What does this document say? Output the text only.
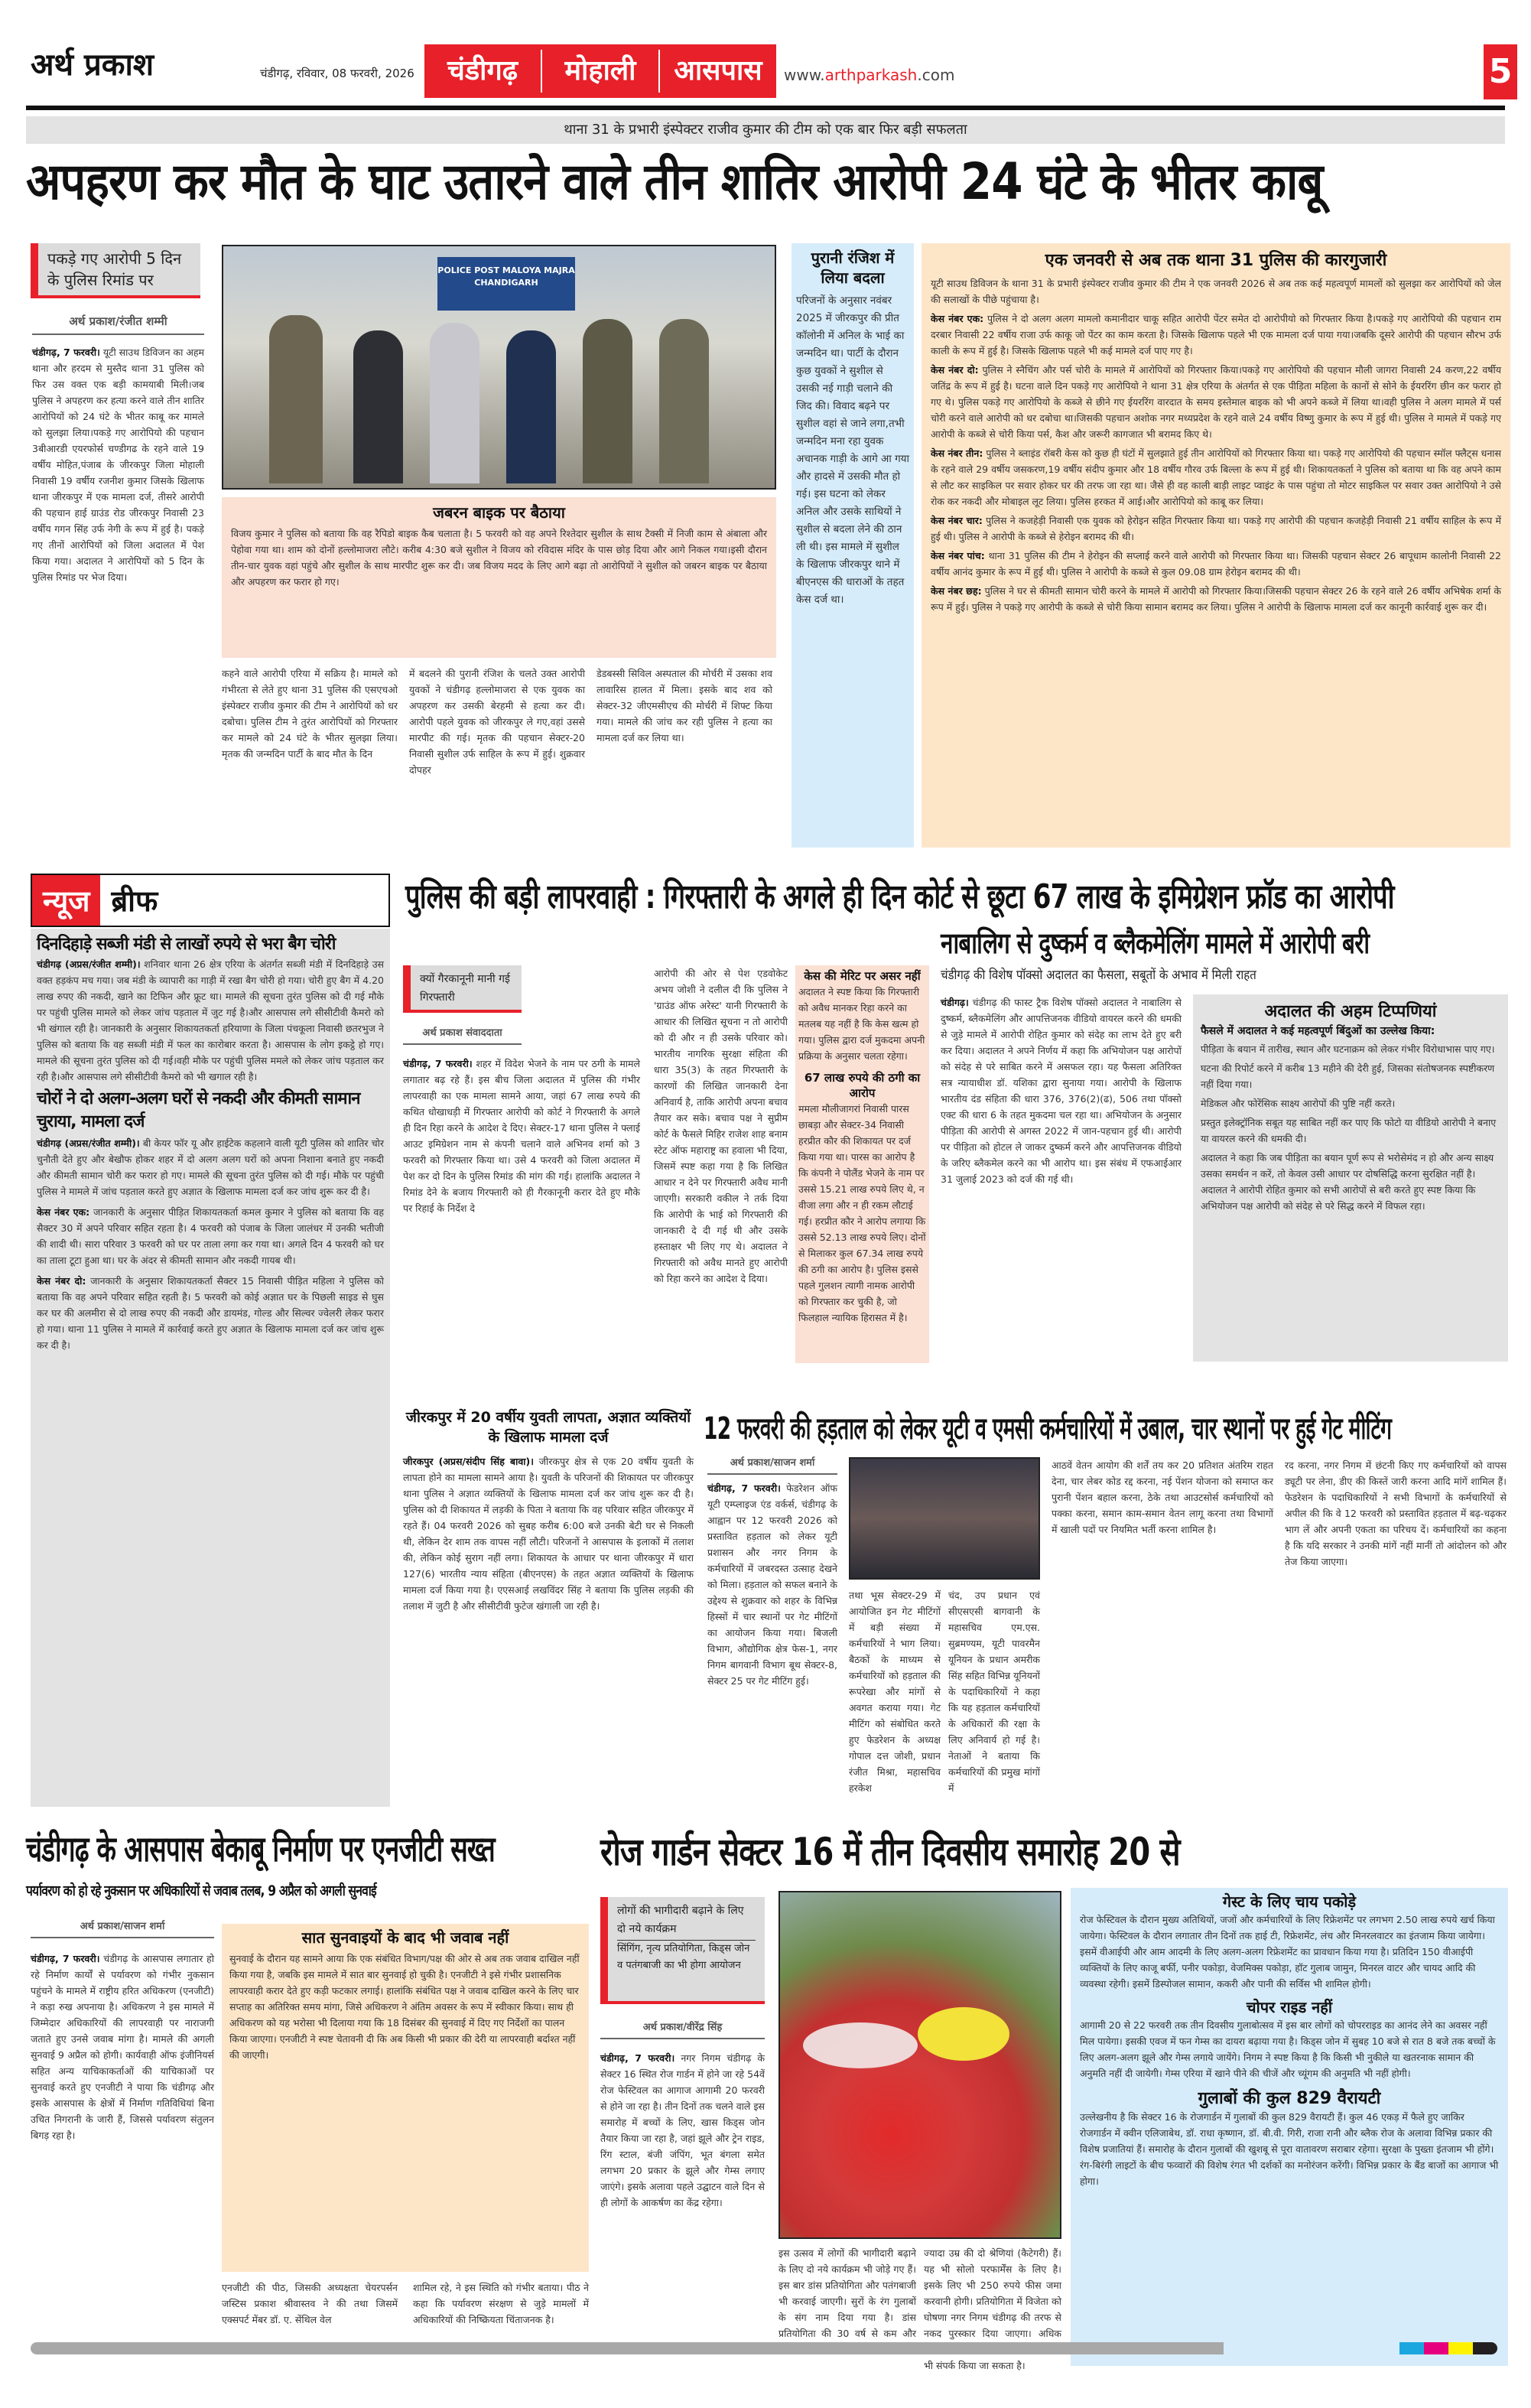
अर्थ प्रकाश	चंडीगढ़, रविवार, 08 फरवरी, 2026	चंडीगढ़	मोहाली	आसपास	www.arthparkash.com	5
थाना 31 के प्रभारी इंस्पेक्टर राजीव कुमार की टीम को एक बार फिर बड़ी सफलता
अपहरण कर मौत के घाट उतारने वाले तीन शातिर आरोपी 24 घंटे के भीतर काबू
पकड़े गए आरोपी 5 दिन के पुलिस रिमांड पर
अर्थ प्रकाश/रंजीत शम्मी
चंडीगढ़, 7 फरवरी। यूटी साउथ डिविजन का अहम थाना और हरदम से मुस्तैद थाना 31 पुलिस को फिर उस वक्त एक बड़ी कामयाबी मिली।जब पुलिस ने अपहरण कर हत्या करने वाले तीन शातिर आरोपियों को 24 घंटे के भीतर काबू कर मामले को सुलझा लिया।पकड़े गए आरोपियो की पहचान 3बीआरडी एयरफोर्स चण्डीगढ के रहने वाले 19 वर्षीय मोहित,पंजाब के जीरकपुर जिला मोहाली निवासी 19 वर्षीय रजनीश कुमार जिसके खिलाफ थाना जीरकपुर में एक मामला दर्ज, तीसरे आरोपी की पहचान हाई ग्राउंड रोड जीरकपुर निवासी 23 वर्षीय गगन सिंह उर्फ नेगी के रूप में हुई है। पकड़े गए तीनों आरोपियों को जिला अदालत में पेश किया गया। अदालत ने आरोपियों को 5 दिन के पुलिस रिमांड पर भेज दिया।
POLICE POST MALOYA MAJRA CHANDIGARH
जबरन बाइक पर बैठाया
विजय कुमार ने पुलिस को बताया कि वह रैपिडो बाइक कैब चलाता है। 5 फरवरी को वह अपने रिश्तेदार सुशील के साथ टैक्सी में निजी काम से अंबाला और पेहोवा गया था। शाम को दोनों हल्लोमाजरा लौटे। करीब 4:30 बजे सुशील ने विजय को रविदास मंदिर के पास छोड़ दिया और आगे निकल गया।इसी दौरान तीन-चार युवक वहां पहुंचे और सुशील के साथ मारपीट शुरू कर दी। जब विजय मदद के लिए आगे बढ़ा तो आरोपियों ने सुशील को जबरन बाइक पर बैठाया और अपहरण कर फरार हो गए।
कहने वाले आरोपी एरिया में सक्रिय है। मामले को गंभीरता से लेते हुए थाना 31 पुलिस की एसएचओ इंस्पेक्टर राजीव कुमार की टीम ने आरोपियों को धर दबोचा। पुलिस टीम ने तुरंत आरोपियों को गिरफ्तार कर मामले को 24 घंटे के भीतर सुलझा लिया। मृतक की जन्मदिन पार्टी के बाद मौत के दिन
में बदलने की पुरानी रंजिश के चलते उक्त आरोपी युवकों ने चंडीगढ़ हल्लोमाजरा से एक युवक का अपहरण कर उसकी बेरहमी से हत्या कर दी। आरोपी पहले युवक को जीरकपुर ले गए,वहां उससे मारपीट की गई। मृतक की पहचान सेक्टर-20 निवासी सुशील उर्फ साहिल के रूप में हुई। शुक्रवार दोपहर
डेडबस्सी सिविल अस्पताल की मोर्चरी में उसका शव लावारिस हालत में मिला। इसके बाद शव को सेक्टर-32 जीएमसीएच की मोर्चरी में शिफ्ट किया गया। मामले की जांच कर रही पुलिस ने हत्या का मामला दर्ज कर लिया था।
पुरानी रंजिश में लिया बदला
परिजनों के अनुसार नवंबर 2025 में जीरकपुर की प्रीत कॉलोनी में अनिल के भाई का जन्मदिन था। पार्टी के दौरान कुछ युवकों ने सुशील से उसकी नई गाड़ी चलाने की जिद की। विवाद बढ़ने पर सुशील वहां से जाने लगा,तभी जन्मदिन मना रहा युवक अचानक गाड़ी के आगे आ गया और हादसे में उसकी मौत हो गई। इस घटना को लेकर अनिल और उसके साथियों ने सुशील से बदला लेने की ठान ली थी। इस मामले में सुशील के खिलाफ जीरकपुर थाने में बीएनएस की धाराओं के तहत केस दर्ज था।
एक जनवरी से अब तक थाना 31 पुलिस की कारगुजारी
यूटी साउथ डिविजन के थाना 31 के प्रभारी इंस्पेक्टर राजीव कुमार की टीम ने एक जनवरी 2026 से अब तक कई महत्वपूर्ण मामलों को सुलझा कर आरोपियों को जेल की सलाखों के पीछे पहुंचाया है।
केस नंबर एक: पुलिस ने दो अलग अलग मामलो कमानीदार चाकू सहित आरोपी पेंटर समेत दो आरोपीयो को गिरफ्तार किया है।पकड़े गए आरोपियो की पहचान राम दरबार निवासी 22 वर्षीय राजा उर्फ काकू जो पेंटर का काम करता है। जिसके खिलाफ पहले भी एक मामला दर्ज पाया गया।जबकि दूसरे आरोपी की पहचान सौरभ उर्फ काली के रूप में हुई है। जिसके खिलाफ पहले भी कई मामले दर्ज पाए गए है।
केस नंबर दो: पुलिस ने स्नैचिंग और पर्स चोरी के मामले में आरोपियों को गिरफ्तार किया।पकड़े गए आरोपियो की पहचान मौली जागरा निवासी 24 करण,22 वर्षीय जतिंद्र के रूप में हुई है। घटना वाले दिन पकड़े गए आरोपियो ने थाना 31 क्षेत्र एरिया के अंतर्गत से एक पीड़िता महिला के कानों से सोने के ईयररिंग छीन कर फरार हो गए थे। पुलिस पकड़े गए आरोपियो के कब्जे से छीने गए ईयररिंग वारदात के समय इस्तेमाल बाइक को भी अपने कब्जे में लिया था।वही पुलिस ने अलग मामले में पर्स चोरी करने वाले आरोपी को धर दबोचा था।जिसकी पहचान अशोक नगर मध्यप्रदेश के रहने वाले 24 वर्षीय विष्णु कुमार के रूप में हुई थी। पुलिस ने मामले में पकड़े गए आरोपी के कब्जे से चोरी किया पर्स, कैश और जरूरी कागजात भी बरामद किए थे।
केस नंबर तीन: पुलिस ने ब्लाइंड रॉबरी केस को कुछ ही घंटों में सुलझाते हुई तीन आरोपियों को गिरफ्तार किया था। पकड़े गए आरोपियो की पहचान स्मॉल फ्लैट्स धनास के रहने वाले 29 वर्षीय जसकरण,19 वर्षीय संदीप कुमार और 18 वर्षीय गौरव उर्फ बिल्ला के रूप में हुई थी। शिकायतकर्ता ने पुलिस को बताया था कि वह अपने काम से लौट कर साइकिल पर सवार होकर घर की तरफ जा रहा था। जैसे ही वह काली बाड़ी लाइट प्वाइंट के पास पहुंचा तो मोटर साइकिल पर सवार उक्त आरोपियो ने उसे रोक कर नकदी और मोबाइल लूट लिया। पुलिस हरकत में आई।और आरोपियो को काबू कर लिया।
केस नंबर चार: पुलिस ने कजहेड़ी निवासी एक युवक को हेरोइन सहित गिरफ्तार किया था। पकड़े गए आरोपी की पहचान कजहेड़ी निवासी 21 वर्षीय साहिल के रूप में हुई थी। पुलिस ने आरोपी के कब्जे से हेरोइन बरामद की थी।
केस नंबर पांच: थाना 31 पुलिस की टीम ने हेरोइन की सप्लाई करने वाले आरोपी को गिरफ्तार किया था। जिसकी पहचान सेक्टर 26 बापूधाम कालोनी निवासी 22 वर्षीय आनंद कुमार के रूप में हुई थी। पुलिस ने आरोपी के कब्जे से कुल 09.08 ग्राम हेरोइन बरामद की थी।
केस नंबर छह: पुलिस ने घर से कीमती सामान चोरी करने के मामले में आरोपी को गिरफ्तार किया।जिसकी पहचान सेक्टर 26 के रहने वाले 26 वर्षीय अभिषेक शर्मा के रूप में हुई। पुलिस ने पकड़े गए आरोपी के कब्जे से चोरी किया सामान बरामद कर लिया। पुलिस ने आरोपी के खिलाफ मामला दर्ज कर कानूनी कार्रवाई शुरू कर दी।
न्यूज ब्रीफ
दिनदिहाड़े सब्जी मंडी से लाखों रुपये से भरा बैग चोरी
चंडीगढ़ (अप्रस/रंजीत शम्मी)। शनिवार थाना 26 क्षेत्र एरिया के अंतर्गत सब्जी मंडी में दिनदिहाड़े उस वक्त हड़कंप मच गया। जब मंडी के व्यापारी का गाड़ी में रखा बैग चोरी हो गया। चोरी हुए बैग में 4.20 लाख रुपए की नकदी, खाने का टिफिन और फ्रूट था। मामले की सूचना तुरंत पुलिस को दी गई मौके पर पहुंची पुलिस मामले को लेकर जांच पड़ताल में जुट गई है।और आसपास लगे सीसीटीवी कैमरो को भी खंगाल रही है। जानकारी के अनुसार शिकायतकर्ता हरियाणा के जिला पंचकूला निवासी छतरभुज ने पुलिस को बताया कि वह सब्जी मंडी में फल का कारोबार करता है। आसपास के लोग इकट्ठे हो गए। मामले की सूचना तुरंत पुलिस को दी गई।वही मौके पर पहुंची पुलिस ममले को लेकर जांच पड़ताल कर रही है।और आसपास लगे सीसीटीवी कैमरो को भी खगाल रही है।
चोरों ने दो अलग-अलग घरों से नकदी और कीमती सामान चुराया, मामला दर्ज
चंडीगढ़ (अप्रस/रंजीत शम्मी)। बी केयर फॉर यू और हाईटेक कहलाने वाली यूटी पुलिस को शातिर चोर चुनौती देते हुए और बेखौफ होकर शहर में दो अलग अलग घरों को अपना निशाना बनाते हुए नकदी और कीमती सामान चोरी कर फरार हो गए। मामले की सूचना तुरंत पुलिस को दी गई। मौके पर पहुंची पुलिस ने मामले में जांच पड़ताल करते हुए अज्ञात के खिलाफ मामला दर्ज कर जांच शुरू कर दी है।
केस नंबर एक: जानकारी के अनुसार पीड़ित शिकायतकर्ता कमल कुमार ने पुलिस को बताया कि वह सैक्टर 30 में अपने परिवार सहित रहता है। 4 फरवरी को पंजाब के जिला जालंधर में उनकी भतीजी की शादी थी। सारा परिवार 3 फरवरी को घर पर ताला लगा कर गया था। अगले दिन 4 फरवरी को घर का ताला टूटा हुआ था। घर के अंदर से कीमती सामान और नकदी गायब थी।
केस नंबर दो: जानकारी के अनुसार शिकायतकर्ता सैक्टर 15 निवासी पीड़ित महिला ने पुलिस को बताया कि वह अपने परिवार सहित रहती है। 5 फरवरी को कोई अज्ञात घर के पिछली साइड से घुस कर घर की अलमीरा से दो लाख रुपए की नकदी और डायमंड, गोल्ड और सिल्वर ज्वेलरी लेकर फरार हो गया। थाना 11 पुलिस ने मामले में कार्रवाई करते हुए अज्ञात के खिलाफ मामला दर्ज कर जांच शुरू कर दी है।
पुलिस की बड़ी लापरवाही : गिरफ्तारी के अगले ही दिन कोर्ट से छूटा 67 लाख के इमिग्रेशन फ्रॉड का आरोपी
क्यों गैरकानूनी मानी गई गिरफ्तारी
अर्थ प्रकाश संवाददाता
चंडीगढ़, 7 फरवरी। शहर में विदेश भेजने के नाम पर ठगी के मामले लगातार बढ़ रहे हैं। इस बीच जिला अदालत में पुलिस की गंभीर लापरवाही का एक मामला सामने आया, जहां 67 लाख रुपये की कथित धोखाधड़ी में गिरफ्तार आरोपी को कोर्ट ने गिरफ्तारी के अगले ही दिन रिहा करने के आदेश दे दिए। सेक्टर-17 थाना पुलिस ने फ्लाई आउट इमिग्रेशन नाम से कंपनी चलाने वाले अभिनव शर्मा को 3 फरवरी को गिरफ्तार किया था। उसे 4 फरवरी को जिला अदालत में पेश कर दो दिन के पुलिस रिमांड की मांग की गई। हालांकि अदालत ने रिमांड देने के बजाय गिरफ्तारी को ही गैरकानूनी करार देते हुए मौके पर रिहाई के निर्देश दे
आरोपी की ओर से पेश एडवोकेट अभय जोशी ने दलील दी कि पुलिस ने 'ग्राउंड ऑफ अरेस्ट' यानी गिरफ्तारी के आधार की लिखित सूचना न तो आरोपी को दी और न ही उसके परिवार को। भारतीय नागरिक सुरक्षा संहिता की धारा 35(3) के तहत गिरफ्तारी के कारणों की लिखित जानकारी देना अनिवार्य है, ताकि आरोपी अपना बचाव तैयार कर सके। बचाव पक्ष ने सुप्रीम कोर्ट के फैसले मिहिर राजेश शाह बनाम स्टेट ऑफ महाराष्ट्र का हवाला भी दिया, जिसमें स्पष्ट कहा गया है कि लिखित आधार न देने पर गिरफ्तारी अवैध मानी जाएगी। सरकारी वकील ने तर्क दिया कि आरोपी के भाई को गिरफ्तारी की जानकारी दे दी गई थी और उसके हस्ताक्षर भी लिए गए थे। अदालत ने गिरफ्तारी को अवैध मानते हुए आरोपी को रिहा करने का आदेश दे दिया।
केस की मेरिट पर असर नहीं
अदालत ने स्पष्ट किया कि गिरफ्तारी को अवैध मानकर रिहा करने का मतलब यह नहीं है कि केस खत्म हो गया। पुलिस द्वारा दर्ज मुकदमा अपनी प्रक्रिया के अनुसार चलता रहेगा।
67 लाख रुपये की ठगी का आरोप
ममला मौलीजागरां निवासी पारस छाबड़ा और सेक्टर-34 निवासी हरप्रीत कौर की शिकायत पर दर्ज किया गया था। पारस का आरोप है कि कंपनी ने पोलैंड भेजने के नाम पर उससे 15.21 लाख रुपये लिए थे, न वीजा लगा और न ही रकम लौटाई गई। हरप्रीत कौर ने आरोप लगाया कि उससे 52.13 लाख रुपये लिए। दोनों से मिलाकर कुल 67.34 लाख रुपये की ठगी का आरोप है। पुलिस इससे पहले गुलशन त्यागी नामक आरोपी को गिरफ्तार कर चुकी है, जो फिलहाल न्यायिक हिरासत में है।
नाबालिग से दुष्कर्म व ब्लैकमेलिंग मामले में आरोपी बरी
चंडीगढ़ की विशेष पॉक्सो अदालत का फैसला, सबूतों के अभाव में मिली राहत
चंडीगढ़। चंडीगढ़ की फास्ट ट्रैक विशेष पॉक्सो अदालत ने नाबालिग से दुष्कर्म, ब्लैकमेलिंग और आपत्तिजनक वीडियो वायरल करने की धमकी से जुड़े मामले में आरोपी रोहित कुमार को संदेह का लाभ देते हुए बरी कर दिया। अदालत ने अपने निर्णय में कहा कि अभियोजन पक्ष आरोपों को संदेह से परे साबित करने में असफल रहा। यह फैसला अतिरिक्त सत्र न्यायाधीश डॉ. यशिका द्वारा सुनाया गया। आरोपी के खिलाफ भारतीय दंड संहिता की धारा 376, 376(2)(ढ), 506 तथा पॉक्सो एक्ट की धारा 6 के तहत मुकदमा चल रहा था। अभियोजन के अनुसार पीड़िता की आरोपी से अगस्त 2022 में जान-पहचान हुई थी। आरोपी पर पीड़िता को होटल ले जाकर दुष्कर्म करने और आपत्तिजनक वीडियो के जरिए ब्लैकमेल करने का भी आरोप था। इस संबंध में एफआईआर 31 जुलाई 2023 को दर्ज की गई थी।
अदालत की अहम टिप्पणियां
फैसले में अदालत ने कई महत्वपूर्ण बिंदुओं का उल्लेख किया:
पीड़िता के बयान में तारीख, स्थान और घटनाक्रम को लेकर गंभीर विरोधाभास पाए गए।
घटना की रिपोर्ट करने में करीब 13 महीने की देरी हुई, जिसका संतोषजनक स्पष्टीकरण नहीं दिया गया।
मेडिकल और फोरेंसिक साक्ष्य आरोपों की पुष्टि नहीं करते।
प्रस्तुत इलेक्ट्रॉनिक सबूत यह साबित नहीं कर पाए कि फोटो या वीडियो आरोपी ने बनाए या वायरल करने की धमकी दी।
अदालत ने कहा कि जब पीड़िता का बयान पूर्ण रूप से भरोसेमंद न हो और अन्य साक्ष्य उसका समर्थन न करें, तो केवल उसी आधार पर दोषसिद्धि करना सुरक्षित नहीं है। अदालत ने आरोपी रोहित कुमार को सभी आरोपों से बरी करते हुए स्पष्ट किया कि अभियोजन पक्ष आरोपी को संदेह से परे सिद्ध करने में विफल रहा।
जीरकपुर में 20 वर्षीय युवती लापता, अज्ञात व्यक्तियों के खिलाफ मामला दर्ज
जीरकपुर (अप्रस/संदीप सिंह बावा)। जीरकपुर क्षेत्र से एक 20 वर्षीय युवती के लापता होने का मामला सामने आया है। युवती के परिजनों की शिकायत पर जीरकपुर थाना पुलिस ने अज्ञात व्यक्तियों के खिलाफ मामला दर्ज कर जांच शुरू कर दी है। पुलिस को दी शिकायत में लड़की के पिता ने बताया कि वह परिवार सहित जीरकपुर में रहते हैं। 04 फरवरी 2026 को सुबह करीब 6:00 बजे उनकी बेटी घर से निकली थी, लेकिन देर शाम तक वापस नहीं लौटी। परिजनों ने आसपास के इलाकों में तलाश की, लेकिन कोई सुराग नहीं लगा। शिकायत के आधार पर थाना जीरकपुर में धारा 127(6) भारतीय न्याय संहिता (बीएनएस) के तहत अज्ञात व्यक्तियों के खिलाफ मामला दर्ज किया गया है। एएसआई लखविंदर सिंह ने बताया कि पुलिस लड़की की तलाश में जुटी है और सीसीटीवी फुटेज खंगाली जा रही है।
12 फरवरी की हड़ताल को लेकर यूटी व एमसी कर्मचारियों में उबाल, चार स्थानों पर हुई गेट मीटिंग
अर्थ प्रकाश/साजन शर्मा
चंडीगढ़, 7 फरवरी। फेडरेशन ऑफ यूटी एम्प्लाइज एंड वर्कर्स, चंडीगढ़ के आह्वान पर 12 फरवरी 2026 को प्रस्तावित हड़ताल को लेकर यूटी प्रशासन और नगर निगम के कर्मचारियों में जबरदस्त उत्साह देखने को मिला। हड़ताल को सफल बनाने के उद्देश्य से शुक्रवार को शहर के विभिन्न हिस्सों में चार स्थानों पर गेट मीटिंगों का आयोजन किया गया। बिजली विभाग, औद्योगिक क्षेत्र फेस-1, नगर निगम बागवानी विभाग बूथ सेक्टर-8, सेक्टर 25 पर गेट मीटिंग हुई।
तथा भूस सेक्टर-29 में आयोजित इन गेट मीटिंगों में बड़ी संख्या में कर्मचारियों ने भाग लिया। बैठकों के माध्यम से कर्मचारियों को हड़ताल की रूपरेखा और मांगों से अवगत कराया गया। गेट मीटिंग को संबोधित करते हुए फेडरेशन के अध्यक्ष गोपाल दत्त जोशी, प्रधान रंजीत मिश्रा, महासचिव हरकेश
चंद, उप प्रधान एवं सीएसएसी बागवानी के महासचिव एम.एस. सुब्रमण्यम, यूटी पावरमैन यूनियन के प्रधान अमरीक सिंह सहित विभिन्न यूनियनों के पदाधिकारियों ने कहा कि यह हड़ताल कर्मचारियों के अधिकारों की रक्षा के लिए अनिवार्य हो गई है। नेताओं ने बताया कि कर्मचारियों की प्रमुख मांगों में
आठवें वेतन आयोग की शर्तें तय कर 20 प्रतिशत अंतरिम राहत देना, चार लेबर कोड रद्द करना, नई पेंशन योजना को समाप्त कर पुरानी पेंशन बहाल करना, ठेके तथा आउटसोर्स कर्मचारियों को पक्का करना, समान काम-समान वेतन लागू करना तथा विभागों में खाली पदों पर नियमित भर्ती करना शामिल है।
रद करना, नगर निगम में छंटनी किए गए कर्मचारियों को वापस ड्यूटी पर लेना, डीए की किस्तें जारी करना आदि मांगें शामिल हैं। फेडरेशन के पदाधिकारियों ने सभी विभागों के कर्मचारियों से अपील की कि वे 12 फरवरी को प्रस्तावित हड़ताल में बढ़-चढ़कर भाग लें और अपनी एकता का परिचय दें। कर्मचारियों का कहना है कि यदि सरकार ने उनकी मांगें नहीं मानीं तो आंदोलन को और तेज किया जाएगा।
चंडीगढ़ के आसपास बेकाबू निर्माण पर एनजीटी सख्त
पर्यावरण को हो रहे नुकसान पर अधिकारियों से जवाब तलब, 9 अप्रैल को अगली सुनवाई
अर्थ प्रकाश/साजन शर्मा
चंडीगढ़, 7 फरवरी। चंडीगढ़ के आसपास लगातार हो रहे निर्माण कार्यों से पर्यावरण को गंभीर नुकसान पहुंचने के मामले में राष्ट्रीय हरित अधिकरण (एनजीटी) ने कड़ा रुख अपनाया है। अधिकरण ने इस मामले में जिम्मेदार अधिकारियों की लापरवाही पर नाराजगी जताते हुए उनसे जवाब मांगा है। मामले की अगली सुनवाई 9 अप्रैल को होगी। कार्यवाही ऑफ इंजीनियर्स सहित अन्य याचिकाकर्ताओं की याचिकाओं पर सुनवाई करते हुए एनजीटी ने पाया कि चंडीगढ़ और इसके आसपास के क्षेत्रों में निर्माण गतिविधियां बिना उचित निगरानी के जारी हैं, जिससे पर्यावरण संतुलन बिगड़ रहा है।
सात सुनवाइयों के बाद भी जवाब नहीं
सुनवाई के दौरान यह सामने आया कि एक संबंधित विभाग/पक्ष की ओर से अब तक जवाब दाखिल नहीं किया गया है, जबकि इस मामले में सात बार सुनवाई हो चुकी है। एनजीटी ने इसे गंभीर प्रशासनिक लापरवाही करार देते हुए कड़ी फटकार लगाई। हालांकि संबंधित पक्ष ने जवाब दाखिल करने के लिए चार सप्ताह का अतिरिक्त समय मांगा, जिसे अधिकरण ने अंतिम अवसर के रूप में स्वीकार किया। साथ ही अधिकरण को यह भरोसा भी दिलाया गया कि 18 दिसंबर की सुनवाई में दिए गए निर्देशों का पालन किया जाएगा। एनजीटी ने स्पष्ट चेतावनी दी कि अब किसी भी प्रकार की देरी या लापरवाही बर्दाश्त नहीं की जाएगी।
एनजीटी की पीठ, जिसकी अध्यक्षता चेयरपर्सन जस्टिस प्रकाश श्रीवास्तव ने की तथा जिसमें एक्सपर्ट मेंबर डॉ. ए. सेंथिल वेल
शामिल रहे, ने इस स्थिति को गंभीर बताया। पीठ ने कहा कि पर्यावरण संरक्षण से जुड़े मामलों में अधिकारियों की निष्क्रियता चिंताजनक है।
रोज गार्डन सेक्टर 16 में तीन दिवसीय समारोह 20 से
लोगों की भागीदारी बढ़ाने के लिए दो नये कार्यक्रम
सिंगिंग, नृत्य प्रतियोगिता, किड्स जोन व पतंगबाजी का भी होगा आयोजन
अर्थ प्रकाश/वीरेंद्र सिंह
चंडीगढ़, 7 फरवरी। नगर निगम चंडीगढ़ के सेक्टर 16 स्थित रोज गार्डन में होने जा रहे 54वें रोज फेस्टिवल का आगाज आगामी 20 फरवरी से होने जा रहा है। तीन दिनों तक चलने वाले इस समारोह में बच्चों के लिए, खास किड्स जोन तैयार किया जा रहा है, जहां झूले और ट्रेन राइड, रिंग स्टाल, बंजी जंपिंग, भूत बंगला समेत लगभग 20 प्रकार के झूले और गेम्स लगाए जाएंगे। इसके अलावा पहले उद्घाटन वाले दिन से ही लोगों के आकर्षण का केंद्र रहेगा।
इस उत्सव में लोगों की भागीदारी बढ़ाने के लिए दो नये कार्यक्रम भी जोड़े गए हैं। इस बार डांस प्रतियोगिता और पतंगबाजी भी करवाई जाएगी। सुरों के रंग गुलाबों के संग नाम दिया गया है। डांस प्रतियोगिता की 30 वर्ष से कम और
ज्यादा उम्र की दो श्रेणियां (कैटेगरी) हैं। यह भी सोलो परफार्मेंस के लिए है। इसके लिए भी 250 रुपये फीस जमा करवानी होगी। प्रतियोगिता में विजेता को घोषणा नगर निगम चंडीगढ़ की तरफ से नकद पुरस्कार दिया जाएगा। अधिक भी संपर्क किया जा सकता है।
गेस्ट के लिए चाय पकोड़े
रोज फेस्टिवल के दौरान मुख्य अतिथियों, जजों और कर्मचारियों के लिए रिफ्रेशमेंट पर लगभग 2.50 लाख रुपये खर्च किया जायेगा। फेस्टिवल के दौरान लगातार तीन दिनों तक हाई टी, रिफ्रेशमेंट, लंच और मिनरलवाटर का इंतजाम किया जायेगा। इसमें वीआईपी और आम आदमी के लिए अलग-अलग रिफ्रेशमेंट का प्रावधान किया गया है। प्रतिदिन 150 वीआईपी व्यक्तियों के लिए काजू बर्फी, पनीर पकोड़ा, वेजमिक्स पकोड़ा, हॉट गुलाब जामुन, मिनरल वाटर और चायद आदि की व्यवस्था रहेगी। इसमें डिस्पोजल सामान, ककरी और पानी की सर्विस भी शामिल होगी।
चोपर राइड नहीं
आगामी 20 से 22 फरवरी तक तीन दिवसीय गुलाबोत्सव में इस बार लोगों को चोपरराइड का आनंद लेने का अवसर नहीं मिल पायेगा। इसकी एवज में फन गेम्स का दायरा बढ़ाया गया है। किड्स जोन में सुबह 10 बजे से रात 8 बजे तक बच्चों के लिए अलग-अलग झूले और गेम्स लगाये जायेंगे। निगम ने स्पष्ट किया है कि किसी भी नुकीले या खतरनाक सामान की अनुमति नहीं दी जायेगी। गेम्स एरिया में खाने पीने की चीजें और च्यूंगम की अनुमति भी नहीं होगी।
गुलाबों की कुल 829 वैरायटी
उल्लेखनीय है कि सेक्टर 16 के रोजगार्डन में गुलाबों की कुल 829 वैरायटी हैं। कुल 46 एकड़ में फैले हुए जाकिर रोजगार्डन में क्वीन एलिजाबेथ, डॉ. राधा कृष्णान, डॉ. बी.वी. गिरी, राजा रानी और ब्लैक रोज के अलावा विभिन्न प्रकार की विशेष प्रजातियां हैं। समारोह के दौरान गुलाबों की खुशबू से पूरा वातावरण सराबार रहेगा। सुरक्षा के पुख्ता इंतजाम भी होंगे। रंग-बिरंगी लाइटों के बीच फव्वारों की विशेष रंगत भी दर्शकों का मनोरंजन करेंगी। विभिन्न प्रकार के बैंड बाजों का आगाज भी होगा।
